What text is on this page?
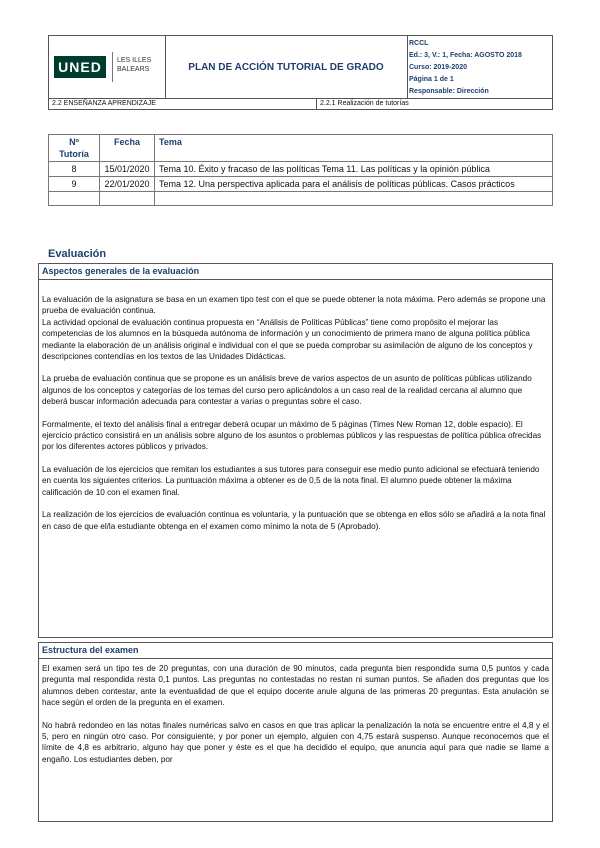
UNED	LES ILLES
BALEARS	PLAN DE ACCIÓN TUTORIAL DE GRADO
RCCL
Ed.: 3, V.: 1, Fecha: AGOSTO 2018
Curso: 2019-2020
Página 1 de 1
Responsable: Dirección
2.2 ENSEÑANZA APRENDIZAJE	2.2.1 Realización de tutorías
Nº Tutoría	Fecha	Tema
8	15/01/2020	Tema 10. Éxito y fracaso de las políticas Tema 11. Las políticas y la opinión pública
9	22/01/2020	Tema 12. Una perspectiva aplicada para el análisis de políticas públicas. Casos prácticos

Evaluación
Aspectos generales de la evaluación

La evaluación de la asignatura se basa en un examen tipo test con el que se puede obtener la nota máxima. Pero además se propone una prueba de evaluación continua.

La actividad opcional de evaluación continua propuesta en “Análisis de Políticas Públicas” tiene como propósito el mejorar las competencias de los alumnos en la búsqueda autónoma de información y un conocimiento de primera mano de alguna política pública mediante la elaboración de un análisis original e individual con el que se pueda comprobar su asimilación de alguno de los conceptos y descripciones contendías en los textos de las Unidades Didácticas.

La prueba de evaluación continua que se propone es un análisis breve de varios aspectos de un asunto de políticas públicas utilizando algunos de los conceptos y categorías de los temas del curso pero aplicándolos a un caso real de la realidad cercana al alumno que deberá buscar información adecuada para contestar a varias o preguntas sobre el caso.

Formalmente, el texto del análisis final a entregar deberá ocupar un máximo de 5 páginas (Times New Roman 12, doble espacio). El ejercicio práctico consistirá en un análisis sobre alguno de los asuntos o problemas públicos y las respuestas de política pública ofrecidas por los diferentes actores públicos y privados.

La evaluación de los ejercicios que remitan los estudiantes a sus tutores para conseguir ese medio punto adicional se efectuará teniendo en cuenta los siguientes criterios. La puntuación máxima a obtener es de 0,5 de la nota final. El alumno puede obtener la máxima calificación de 10 con el examen final.

La realización de los ejercicios de evaluación continua es voluntaria, y la puntuación que se obtenga en ellos sólo se añadirá a la nota final en caso de que el/la estudiante obtenga en el examen como mínimo la nota de 5 (Aprobado).

Estructura del examen

El examen será un tipo tes de 20 preguntas, con una duración de 90 minutos, cada pregunta bien respondida suma 0,5 puntos y cada pregunta mal respondida resta 0,1 puntos. Las preguntas no contestadas no restan ni suman puntos. Se añaden dos preguntas que los alumnos deben contestar, ante la eventualidad de que el equipo docente anule alguna de las primeras 20 preguntas. Esta anulación se hace según el orden de la pregunta en el examen.

No habrá redondeo en las notas finales numéricas salvo en casos en que tras aplicar la penalización la nota se encuentre entre el 4,8 y el 5, pero en ningún otro caso. Por consiguiente, y por poner un ejemplo, alguien con 4,75 estará suspenso. Aunque reconocemos que el límite de 4,8 es arbitrario, alguno hay que poner y éste es el que ha decidido el equipo, que anuncia aquí para que nadie se llame a engaño. Los estudiantes deben, por
